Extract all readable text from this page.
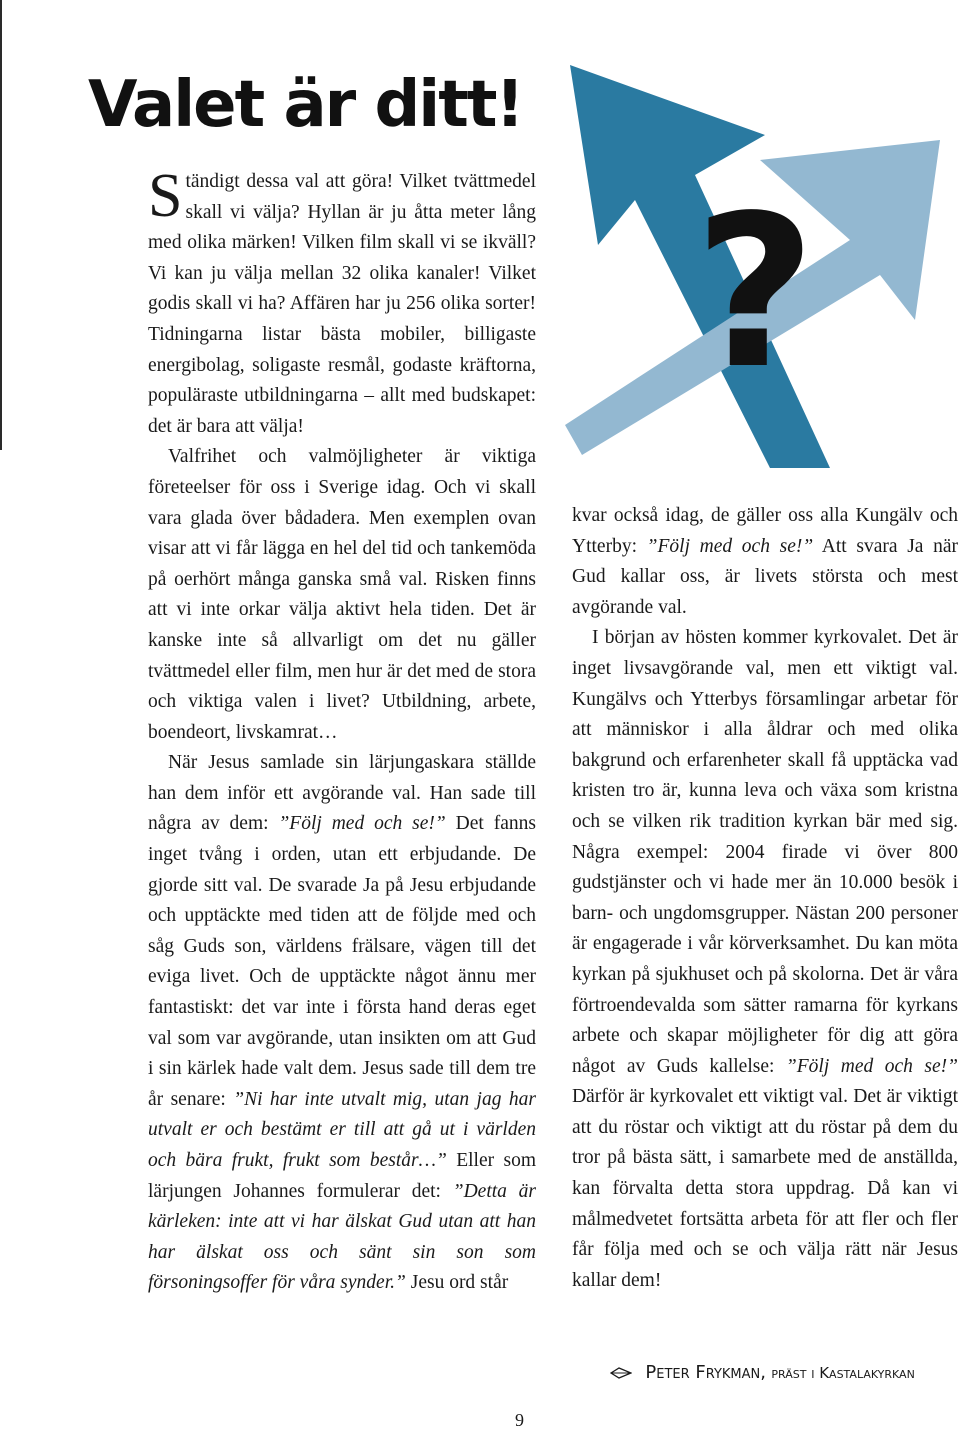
Valet är ditt!
?

Ständigt dessa val att göra! Vilket tvättmedel skall vi välja? Hyllan är ju åtta meter lång med olika märken! Vilken film skall vi se ikväll? Vi kan ju välja mellan 32 olika kanaler! Vilket godis skall vi ha? Affären har ju 256 olika sorter! Tidningarna listar bästa mobiler, billigaste energibolag, soligaste resmål, godaste kräftorna, populäraste utbildningarna – allt med budskapet: det är bara att välja!

Valfrihet och valmöjligheter är viktiga företeelser för oss i Sverige idag. Och vi skall vara glada över bådadera. Men exemplen ovan visar att vi får lägga en hel del tid och tankemöda på oerhört många ganska små val. Risken finns att vi inte orkar välja aktivt hela tiden. Det är kanske inte så allvarligt om det nu gäller tvättmedel eller film, men hur är det med de stora och viktiga valen i livet? Utbildning, arbete, boendeort, livskamrat…

När Jesus samlade sin lärjungaskara ställde han dem inför ett avgörande val. Han sade till några av dem: ”Följ med och se!” Det fanns inget tvång i orden, utan ett erbjudande. De gjorde sitt val. De svarade Ja på Jesu erbjudande och upptäckte med tiden att de följde med och såg Guds son, världens frälsare, vägen till det eviga livet. Och de upptäckte något ännu mer fantastiskt: det var inte i första hand deras eget val som var avgörande, utan insikten om att Gud i sin kärlek hade valt dem. Jesus sade till dem tre år senare: ”Ni har inte utvalt mig, utan jag har utvalt er och bestämt er till att gå ut i världen och bära frukt, frukt som består…” Eller som lärjungen Johannes formulerar det: ”Detta är kärleken: inte att vi har älskat Gud utan att han har älskat oss och sänt sin son som försoningsoffer för våra synder.” Jesu ord står

kvar också idag, de gäller oss alla Kungälv och Ytterby: ”Följ med och se!” Att svara Ja när Gud kallar oss, är livets största och mest avgörande val.

I början av hösten kommer kyrkovalet. Det är inget livsavgörande val, men ett viktigt val. Kungälvs och Ytterbys församlingar arbetar för att människor i alla åldrar och med olika bakgrund och erfarenheter skall få upptäcka vad kristen tro är, kunna leva och växa som kristna och se vilken rik tradition kyrkan bär med sig. Några exempel: 2004 firade vi över 800 gudstjänster och vi hade mer än 10.000 besök i barn- och ungdomsgrupper. Nästan 200 personer är engagerade i vår körverksamhet. Du kan möta kyrkan på sjukhuset och på skolorna. Det är våra förtroendevalda som sätter ramarna för kyrkans arbete och skapar möjligheter för dig att göra något av Guds kallelse: ”Följ med och se!” Därför är kyrkovalet ett viktigt val. Det är viktigt att du röstar och viktigt att du röstar på dem du tror på bästa sätt, i samarbete med de anställda, kan förvalta detta stora uppdrag. Då kan vi målmedvetet fortsätta arbeta för att fler och fler får följa med och se och välja rätt när Jesus kallar dem!

Peter Frykman, präst i Kastalakyrkan
9
